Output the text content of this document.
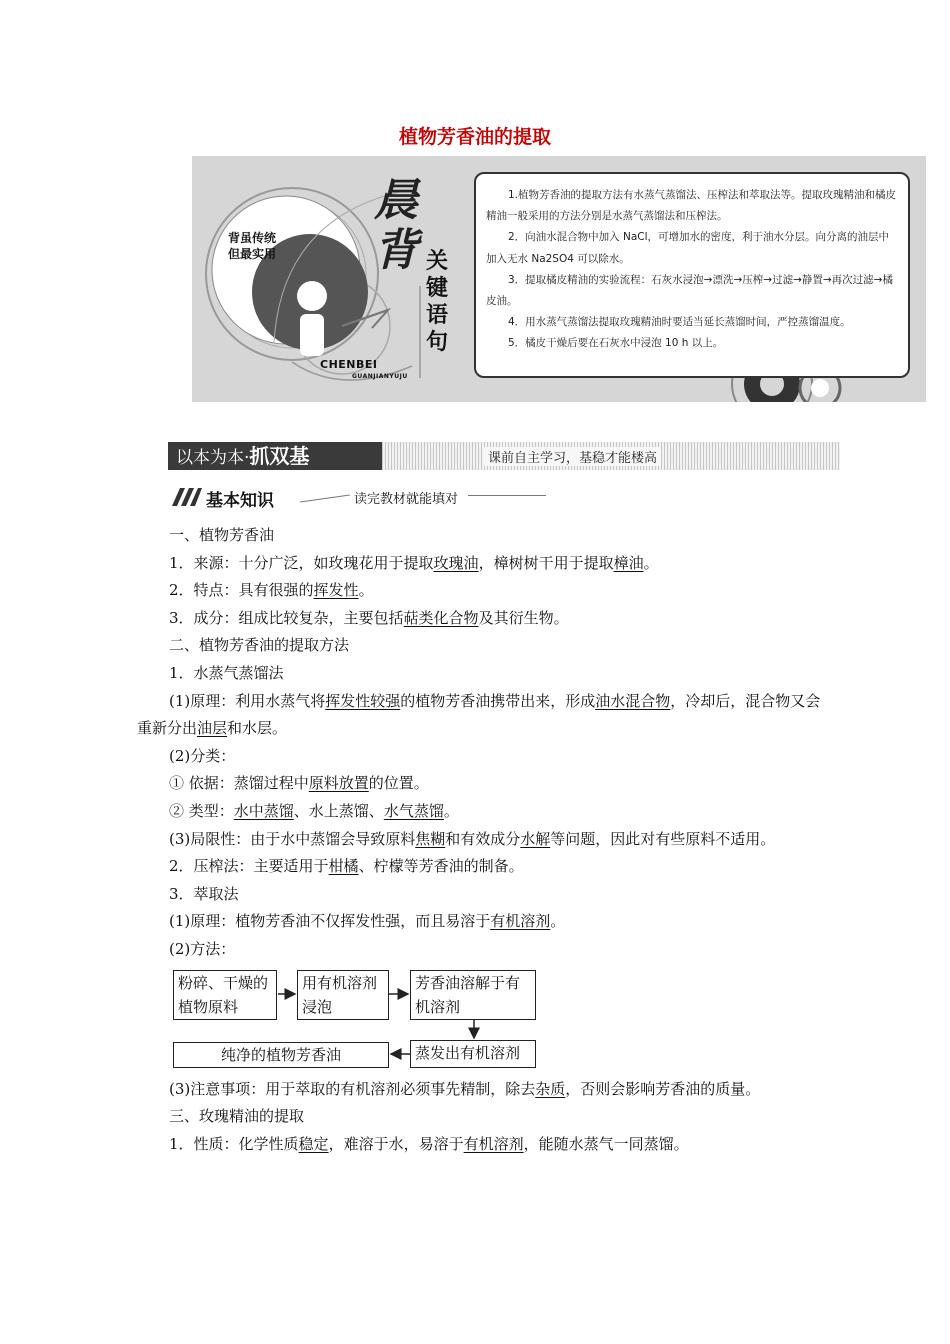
植物芳香油的提取
背虽传统
但最实用
晨
背 关
键
语
句
CHENBEI
GUANJIANYUJU

1.植物芳香油的提取方法有水蒸气蒸馏法、压榨法和萃取法等。提取玫瑰精油和橘皮精油一般采用的方法分别是水蒸气蒸馏法和压榨法。

2．向油水混合物中加入 NaCl，可增加水的密度，利于油水分层。向分离的油层中加入无水 Na2SO4 可以除水。

3．提取橘皮精油的实验流程：石灰水浸泡→漂洗→压榨→过滤→静置→再次过滤→橘皮油。

4．用水蒸气蒸馏法提取玫瑰精油时要适当延长蒸馏时间，严控蒸馏温度。

5．橘皮干燥后要在石灰水中浸泡 10 h 以上。

以本为本·抓双基	课前自主学习，基稳才能楼高
基本知识	读完教材就能填对

一、植物芳香油

1．来源：十分广泛，如玫瑰花用于提取玫瑰油，樟树树干用于提取樟油。

2．特点：具有很强的挥发性。

3．成分：组成比较复杂，主要包括萜类化合物及其衍生物。

二、植物芳香油的提取方法

1．水蒸气蒸馏法

(1)原理：利用水蒸气将挥发性较强的植物芳香油携带出来，形成油水混合物，冷却后，混合物又会重新分出油层和水层。

(2)分类：

① 依据：蒸馏过程中原料放置的位置。

② 类型：水中蒸馏、水上蒸馏、水气蒸馏。

(3)局限性：由于水中蒸馏会导致原料焦糊和有效成分水解等问题，因此对有些原料不适用。

2．压榨法：主要适用于柑橘、柠檬等芳香油的制备。

3．萃取法

(1)原理：植物芳香油不仅挥发性强，而且易溶于有机溶剂。

(2)方法：

粉碎、干燥的
植物原料
用有机溶剂
浸泡
芳香油溶解于有
机溶剂
蒸发出有机溶剂
纯净的植物芳香油

(3)注意事项：用于萃取的有机溶剂必须事先精制，除去杂质，否则会影响芳香油的质量。

三、玫瑰精油的提取

1．性质：化学性质稳定，难溶于水，易溶于有机溶剂，能随水蒸气一同蒸馏。
